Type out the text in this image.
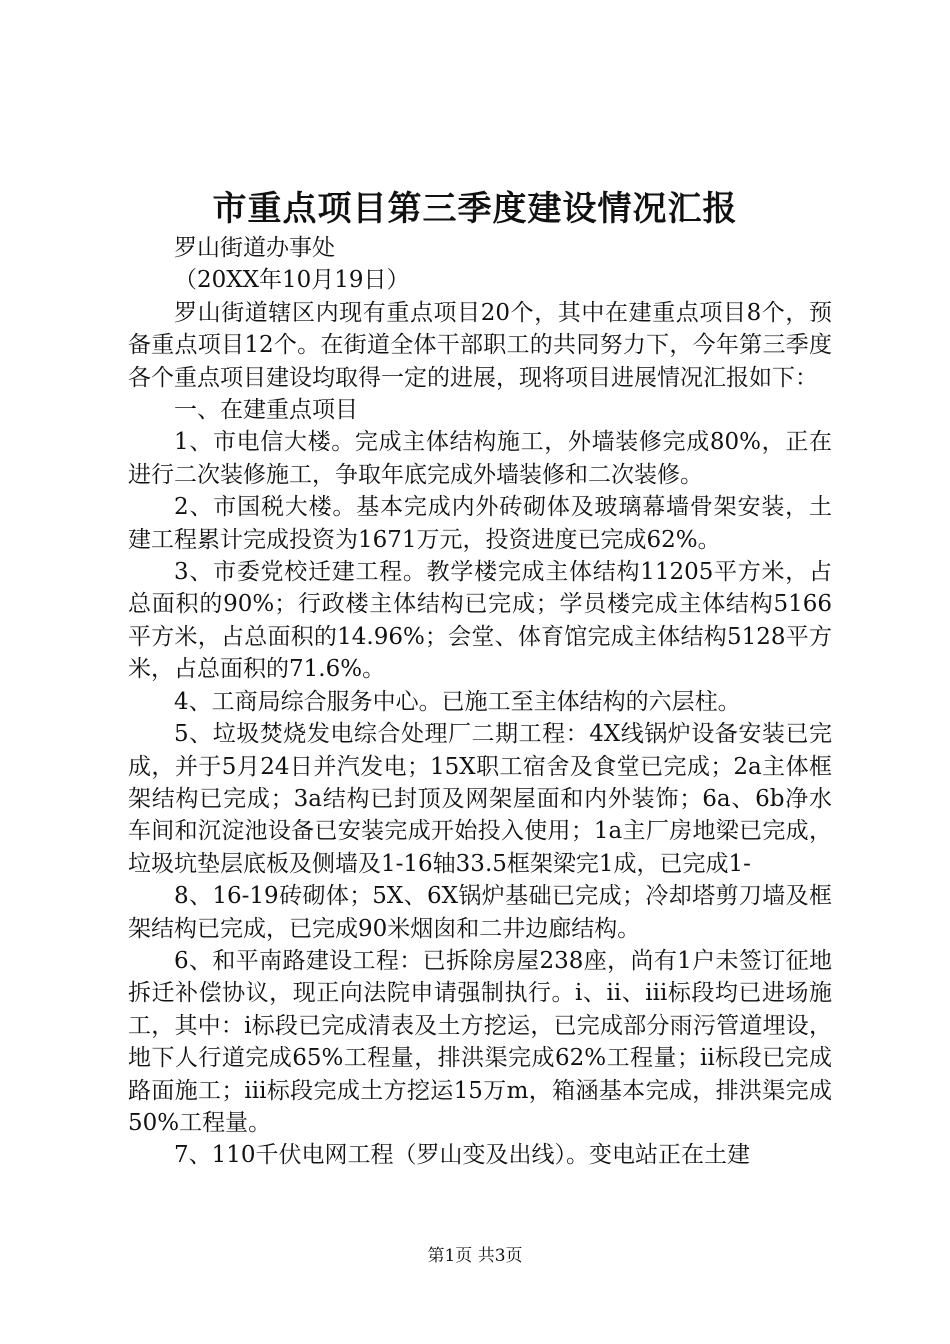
市重点项目第三季度建设情况汇报

罗山街道办事处

（20XX年10月19日）

罗山街道辖区内现有重点项目20个，其中在建重点项目8个，预备重点项目12个。在街道全体干部职工的共同努力下，今年第三季度各个重点项目建设均取得一定的进展，现将项目进展情况汇报如下：

一、在建重点项目

1、市电信大楼。完成主体结构施工，外墙装修完成80%，正在进行二次装修施工，争取年底完成外墙装修和二次装修。

2、市国税大楼。基本完成内外砖砌体及玻璃幕墙骨架安装，土建工程累计完成投资为1671万元，投资进度已完成62%。

3、市委党校迁建工程。教学楼完成主体结构11205平方米，占总面积的90%；行政楼主体结构已完成；学员楼完成主体结构5166平方米，占总面积的14.96%；会堂、体育馆完成主体结构5128平方米，占总面积的71.6%。

4、工商局综合服务中心。已施工至主体结构的六层柱。

5、垃圾焚烧发电综合处理厂二期工程：4X线锅炉设备安装已完成，并于5月24日并汽发电；15X职工宿舍及食堂已完成；2a主体框架结构已完成；3a结构已封顶及网架屋面和内外装饰；6a、6b净水车间和沉淀池设备已安装完成开始投入使用；1a主厂房地梁已完成，垃圾坑垫层底板及侧墙及1-16轴33.5框架梁完1成，已完成1-

8、16-19砖砌体；5X、6X锅炉基础已完成；冷却塔剪刀墙及框架结构已完成，已完成90米烟囱和二井边廊结构。

6、和平南路建设工程：已拆除房屋238座，尚有1户未签订征地拆迁补偿协议，现正向法院申请强制执行。i、ii、iii标段均已进场施工，其中：i标段已完成清表及土方挖运，已完成部分雨污管道埋设，地下人行道完成65%工程量，排洪渠完成62%工程量；ii标段已完成路面施工；iii标段完成土方挖运15万m，箱涵基本完成，排洪渠完成50%工程量。

7、110千伏电网工程（罗山变及出线）。变电站正在土建

第1页 共3页
